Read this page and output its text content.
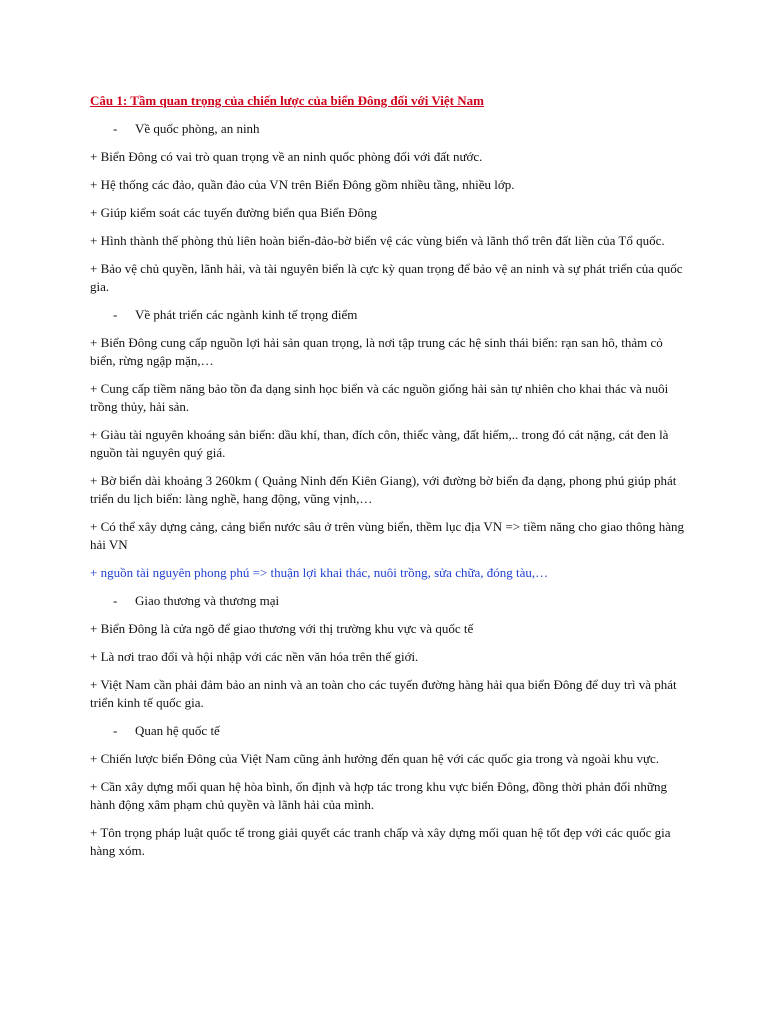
Câu 1: Tầm quan trọng của chiến lược của biển Đông đối với Việt Nam
-	Về quốc phòng, an ninh

+ Biển Đông có vai trò quan trọng về an ninh quốc phòng đối với đất nước.

+ Hệ thống các đảo, quần đảo của VN trên Biển Đông gồm nhiều tầng, nhiều lớp.

+ Giúp kiểm soát các tuyến đường biển qua Biển Đông

+ Hình thành thế phòng thủ liên hoàn biển-đảo-bờ biển vệ các vùng biển và lãnh thổ trên đất liền của Tổ quốc.

+ Bảo vệ chủ quyền, lãnh hải, và tài nguyên biển là cực kỳ quan trọng để bảo vệ an ninh và sự phát triển của quốc gia.

-	Về phát triển các ngành kinh tế trọng điểm

+ Biển Đông cung cấp nguồn lợi hải sản quan trọng, là nơi tập trung các hệ sinh thái biển: rạn san hô, thảm cỏ biển, rừng ngập mặn,…

+ Cung cấp tiềm năng bảo tồn đa dạng sinh học biển và các nguồn giống hải sản tự nhiên cho khai thác và nuôi trồng thủy, hải sản.

+ Giàu tài nguyên khoáng sản biển: dầu khí, than, đích côn, thiếc vàng, đất hiếm,.. trong đó cát nặng, cát đen là nguồn tài nguyên quý giá.

+ Bờ biển dài khoảng 3 260km ( Quảng Ninh đến Kiên Giang), với đường bờ biển đa dạng, phong phú giúp phát triển du lịch biển: làng nghề, hang động, vũng vịnh,…

+ Có thể xây dựng cảng, cảng biển nước sâu ở trên vùng biển, thềm lục địa VN => tiềm năng cho giao thông hàng hải VN

+ nguồn tài nguyên phong phú => thuận lợi khai thác, nuôi trồng, sửa chữa, đóng tàu,…

-	Giao thương và thương mại

+ Biển Đông là cửa ngõ để giao thương với thị trường khu vực và quốc tế

+ Là nơi trao đổi và hội nhập với các nền văn hóa trên thế giới.

+ Việt Nam cần phải đảm bảo an ninh và an toàn cho các tuyến đường hàng hải qua biển Đông để duy trì và phát triển kinh tế quốc gia.

-	Quan hệ quốc tế

+ Chiến lược biển Đông của Việt Nam cũng ảnh hưởng đến quan hệ với các quốc gia trong và ngoài khu vực.

+ Cần xây dựng mối quan hệ hòa bình, ổn định và hợp tác trong khu vực biển Đông, đồng thời phản đối những hành động xâm phạm chủ quyền và lãnh hải của mình.

+ Tôn trọng pháp luật quốc tế trong giải quyết các tranh chấp và xây dựng mối quan hệ tốt đẹp với các quốc gia hàng xóm.
